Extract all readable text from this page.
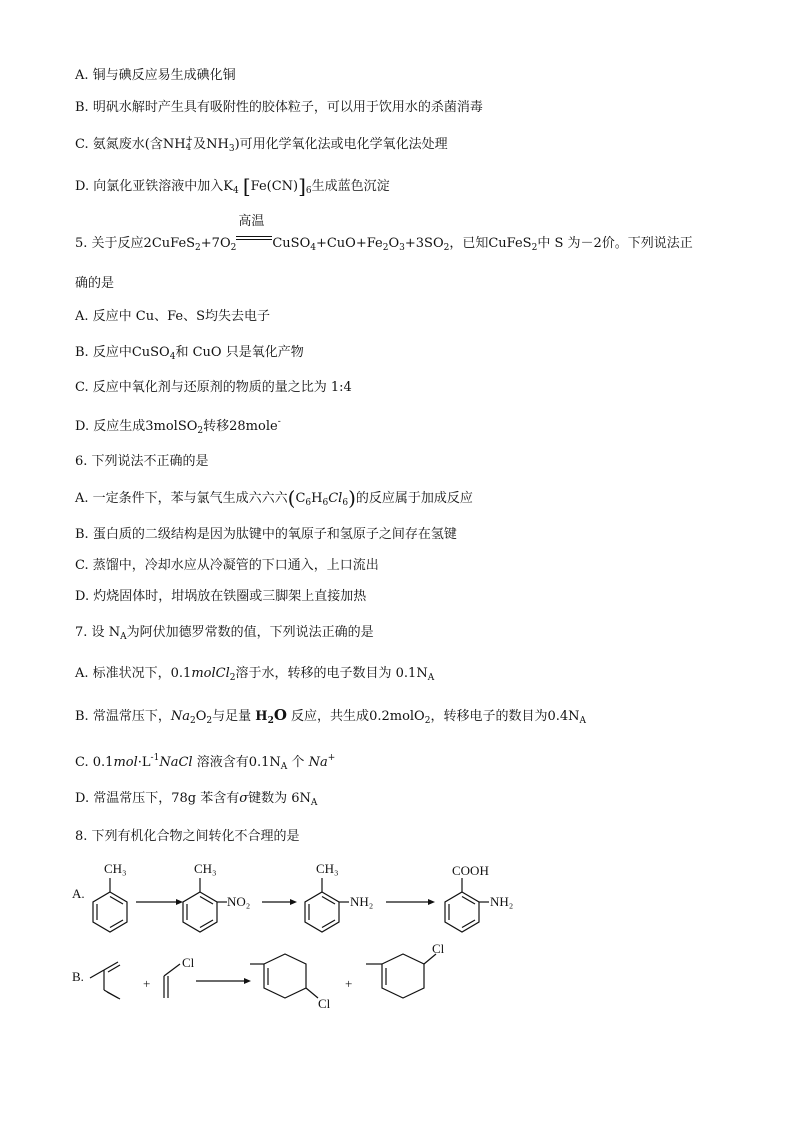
A. 铜与碘反应易生成碘化铜
B. 明矾水解时产生具有吸附性的胶体粒子，可以用于饮用水的杀菌消毒
C. 氨氮废水(含NH +
4 及$NH_3$)可用化学氧化法或电化学氧化法处理
D. 向氯化亚铁溶液中加入$K_4$ $[Fe(CN)]_6$生成蓝色沉淀
5. 关于反应$2CuFeS_2+7O_2$
高温
$CuSO_4+CuO+Fe_2O_3+3SO_2$，已知CuFeS$_2$中 S 为－2价。下列说法正
确的是
A. 反应中 Cu、Fe、S均失去电子
B. 反应中CuSO$_4$和 CuO 只是氧化产物
C. 反应中氧化剂与还原剂的物质的量之比为 1:4
D. 反应生成3molSO$_2$转移28mole-
6. 下列说法不正确的是
A. 一定条件下，苯与氯气生成六六六$(C_6H_6Cl_6)$的反应属于加成反应
B. 蛋白质的二级结构是因为肽键中的氧原子和氢原子之间存在氢键
C. 蒸馏中，冷却水应从冷凝管的下口通入，上口流出
D. 灼烧固体时，坩埚放在铁圈或三脚架上直接加热
7. 设 $N_A$为阿伏加德罗常数的值，下列说法正确的是
A. 标准状况下，0.1molCl$_2$溶于水，转移的电子数目为 $0.1N_A$
B. 常温常压下，$Na_2O_2$与足量 $H_2O$ 反应，共生成0.2molO$_2$，转移电子的数目为$0.4N_A$
C. $0.1mol\cdot L^{-1}NaCl$ 溶液含有$0.1N_A$ 个 Na+
D. 常温常压下，78g 苯含有σ键数为 $6N_A$
8. 下列有机化合物之间转化不合理的是
A.
CH₃	CH₃
NO₂
CH₃
NH₂
COOH
NH₂
B.	+
Cl
Cl
+
Cl
